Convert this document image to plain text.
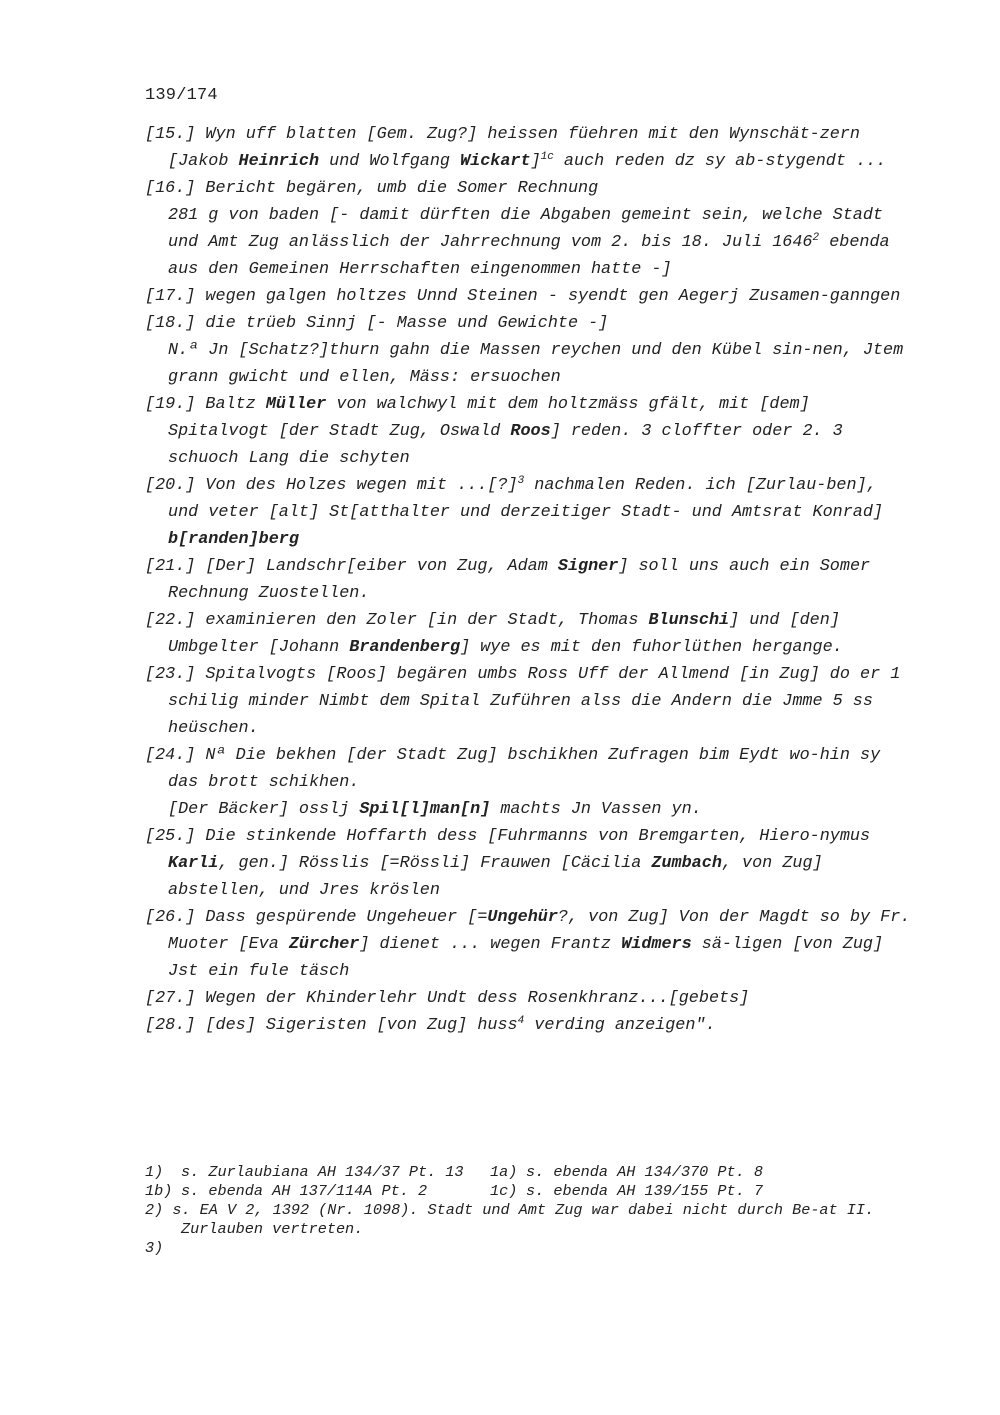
139/174
[15.] Wyn uff blatten [Gem. Zug?] heissen füehren mit den Wynschät-zern [Jakob Heinrich und Wolfgang Wickart]$^{1c}$ auch reden dz sy ab-stygendt ...
[16.] Bericht begären, umb die Somer Rechnung
281 g von baden [- damit dürften die Abgaben gemeint sein, welche Stadt und Amt Zug anlässlich der Jahrrechnung vom 2. bis 18. Juli 1646$^2$ ebenda aus den Gemeinen Herrschaften eingenommen hatte -]
[17.] wegen galgen holtzes Unnd Steinen - syendt gen Aegerj Zusamen-ganngen
[18.] die trüeb Sinnj [- Masse und Gewichte -]
N.ª Jn [Schatz?]thurn gahn die Massen reychen und den Kübel sin-nen, Jtem grann gwicht und ellen, Mäss: ersuochen
[19.] Baltz Müller von walchwyl mit dem holtzmäss gfält, mit [dem] Spitalvogt [der Stadt Zug, Oswald Roos] reden. 3 cloffter oder 2. 3 schuoch Lang die schyten
[20.] Von des Holzes wegen mit ...[?]$^3$ nachmalen Reden. ich [Zurlau-ben], und veter [alt] St[atthalter und derzeitiger Stadt- und Amtsrat Konrad] b[randen]berg
[21.] [Der] Landschr[eiber von Zug, Adam Signer] soll uns auch ein Somer Rechnung Zuostellen.
[22.] examinieren den Zoler [in der Stadt, Thomas Blunschi] und [den] Umbgelter [Johann Brandenberg] wye es mit den fuhorlüthen hergange.
[23.] Spitalvogts [Roos] begären umbs Ross Uff der Allmend [in Zug] do er 1 schilig minder Nimbt dem Spital Zuführen alss die Andern die Jmme 5 ss heüschen.
[24.] Nª Die bekhen [der Stadt Zug] bschikhen Zufragen bim Eydt wo-hin sy das brott schikhen.
[Der Bäcker] osslj Spil[l]man[n] machts Jn Vassen yn.
[25.] Die stinkende Hoffarth dess [Fuhrmanns von Bremgarten, Hiero-nymus Karli, gen.] Rösslis [=Rössli] Frauwen [Cäcilia Zumbach, von Zug] abstellen, und Jres kröslen
[26.] Dass gespürende Ungeheuer [=Ungehür?, von Zug] Von der Magdt so by Fr. Muoter [Eva Zürcher] dienet ... wegen Frantz Widmers sä-ligen [von Zug]
Jst ein fule täsch
[27.] Wegen der Khinderlehr Undt dess Rosenkhranz...[gebets]
[28.] [des] Sigeristen [von Zug] huss$^4$ verding anzeigen".
1)	s. Zurlaubiana AH 134/37 Pt. 13	1a) s. ebenda AH 134/370 Pt. 8
1b) s. ebenda AH 137/114A Pt. 2	1c) s. ebenda AH 139/155 Pt. 7
2) s. EA V 2, 1392 (Nr. 1098). Stadt und Amt Zug war dabei nicht durch Be-at II. Zurlauben vertreten.
3)
